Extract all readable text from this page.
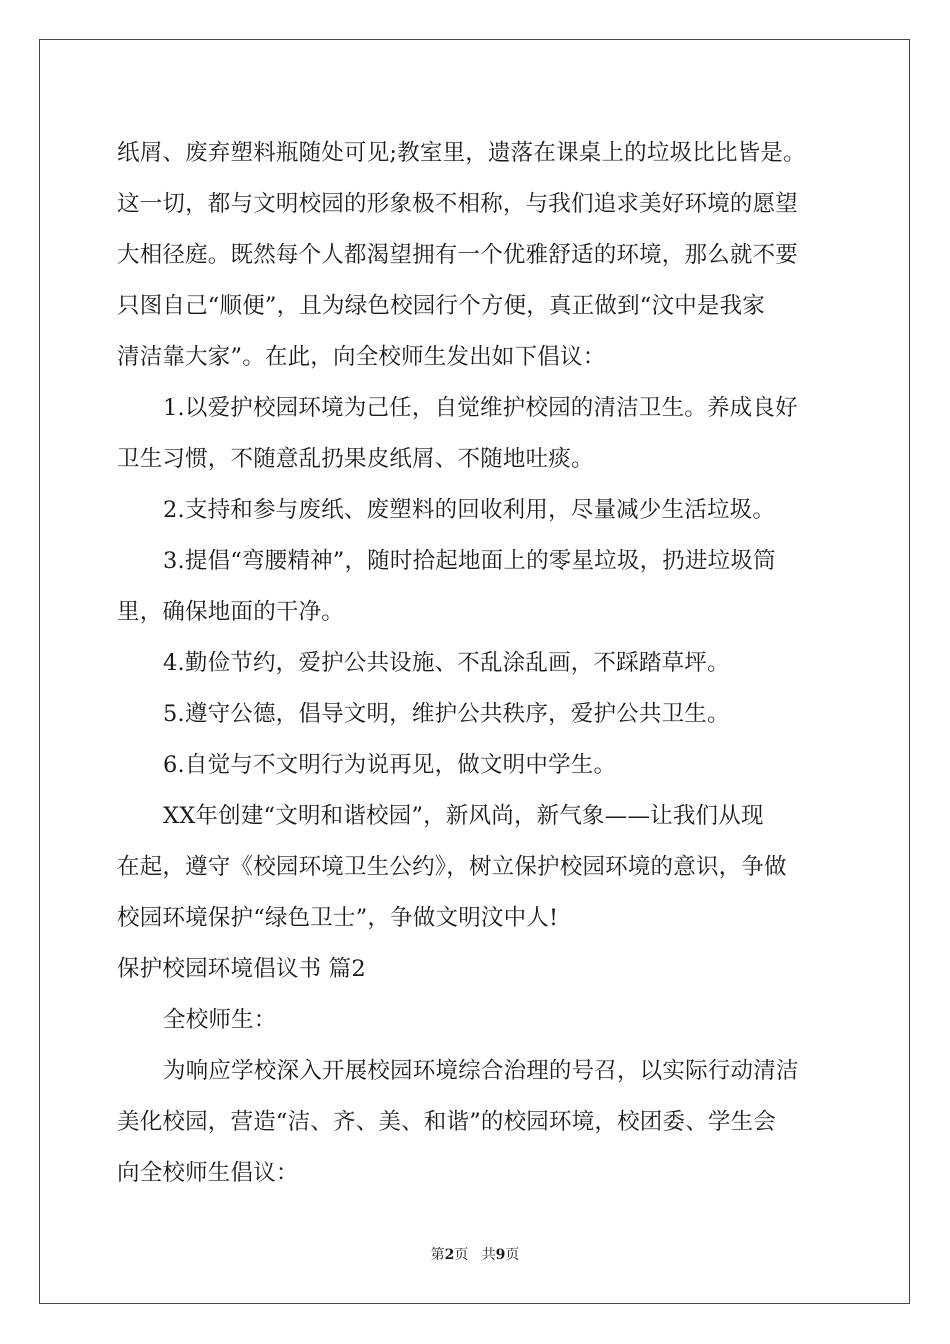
纸屑、废弃塑料瓶随处可见;教室里，遗落在课桌上的垃圾比比皆是。
这一切，都与文明校园的形象极不相称，与我们追求美好环境的愿望
大相径庭。既然每个人都渴望拥有一个优雅舒适的环境，那么就不要
只图自己“顺便”，且为绿色校园行个方便，真正做到“汶中是我家
清洁靠大家”。在此，向全校师生发出如下倡议：
1.以爱护校园环境为己任，自觉维护校园的清洁卫生。养成良好
卫生习惯，不随意乱扔果皮纸屑、不随地吐痰。
2.支持和参与废纸、废塑料的回收利用，尽量减少生活垃圾。
3.提倡“弯腰精神”，随时拾起地面上的零星垃圾，扔进垃圾筒
里，确保地面的干净。
4.勤俭节约，爱护公共设施、不乱涂乱画，不踩踏草坪。
5.遵守公德，倡导文明，维护公共秩序，爱护公共卫生。
6.自觉与不文明行为说再见，做文明中学生。
XX年创建“文明和谐校园”，新风尚，新气象——让我们从现
在起，遵守《校园环境卫生公约》，树立保护校园环境的意识，争做
校园环境保护“绿色卫士”，争做文明汶中人!
保护校园环境倡议书 篇2
全校师生：
为响应学校深入开展校园环境综合治理的号召，以实际行动清洁
美化校园，营造“洁、齐、美、和谐”的校园环境，校团委、学生会
向全校师生倡议：
第2页 共9页
